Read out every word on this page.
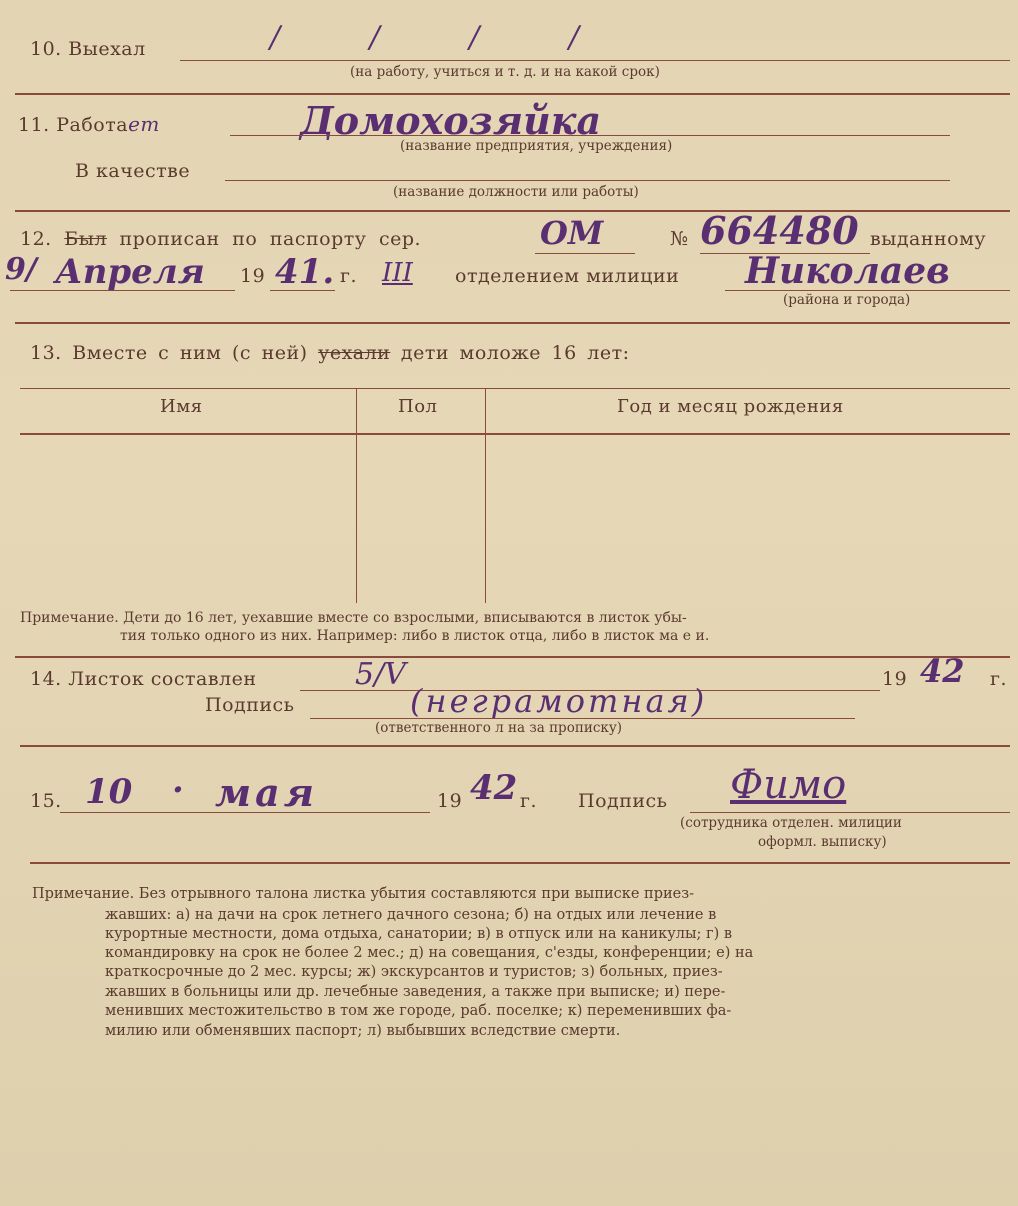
10. Выехал	/ / / /
(на работу, учиться и т. д. и на какой срок)
11. Работает	Домохозяйка
(название предприятия, учреждения)
В качестве
(название должности или работы)
12. Был прописан по паспорту сер.	ОМ	№ 664480 выданному
9/ Апреля 19 41. г. III отделением милиции Николаев
(района и города)
13. Вместе с ним (с ней) уехали дети моложе 16 лет:
Имя	Пол	Год и месяц рождения
Примечание. Дети до 16 лет, уехавшие вместе со взрослыми, вписываются в листок убы-
тия только одного из них. Например: либо в листок отца, либо в листок ма е и.
14. Листок составлен	5/V	19 42 г.
Подпись	(неграмотная)
(ответственного л на за прописку)
15. 10 · мая	19 42 г. Подпись Фимо
(сотрудника отделен. милиции
оформл. выписку)
Примечание. Без отрывного талона листка убытия составляются при выписке приез-
жавших: а) на дачи на срок летнего дачного сезона; б) на отдых или лечение в
курортные местности, дома отдыха, санатории; в) в отпуск или на каникулы; г) в
командировку на срок не более 2 мес.; д) на совещания, с'езды, конференции; е) на
краткосрочные до 2 мес. курсы; ж) экскурсантов и туристов; з) больных, приез-
жавших в больницы или др. лечебные заведения, а также при выписке; и) пере-
менивших местожительство в том же городе, раб. поселке; к) переменивших фа-
милию или обменявших паспорт; л) выбывших вследствие смерти.
